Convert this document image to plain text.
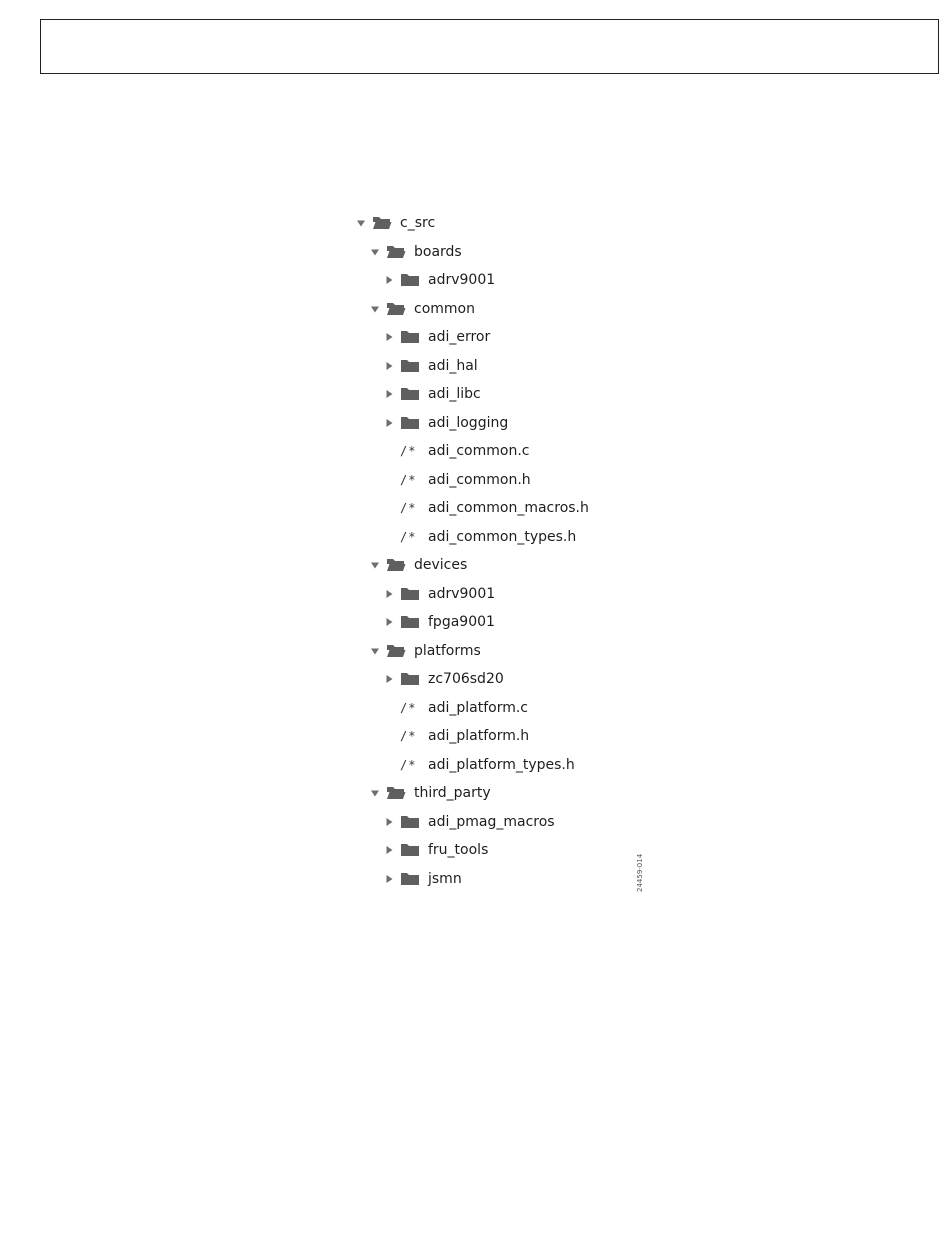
c_src
boards
adrv9001
common
adi_error
adi_hal
adi_libc
adi_logging
/* adi_common.c
/* adi_common.h
/* adi_common_macros.h
/* adi_common_types.h
devices
adrv9001
fpga9001
platforms
zc706sd20
/* adi_platform.c
/* adi_platform.h
/* adi_platform_types.h
third_party
adi_pmag_macros
fru_tools
jsmn	24459-014
